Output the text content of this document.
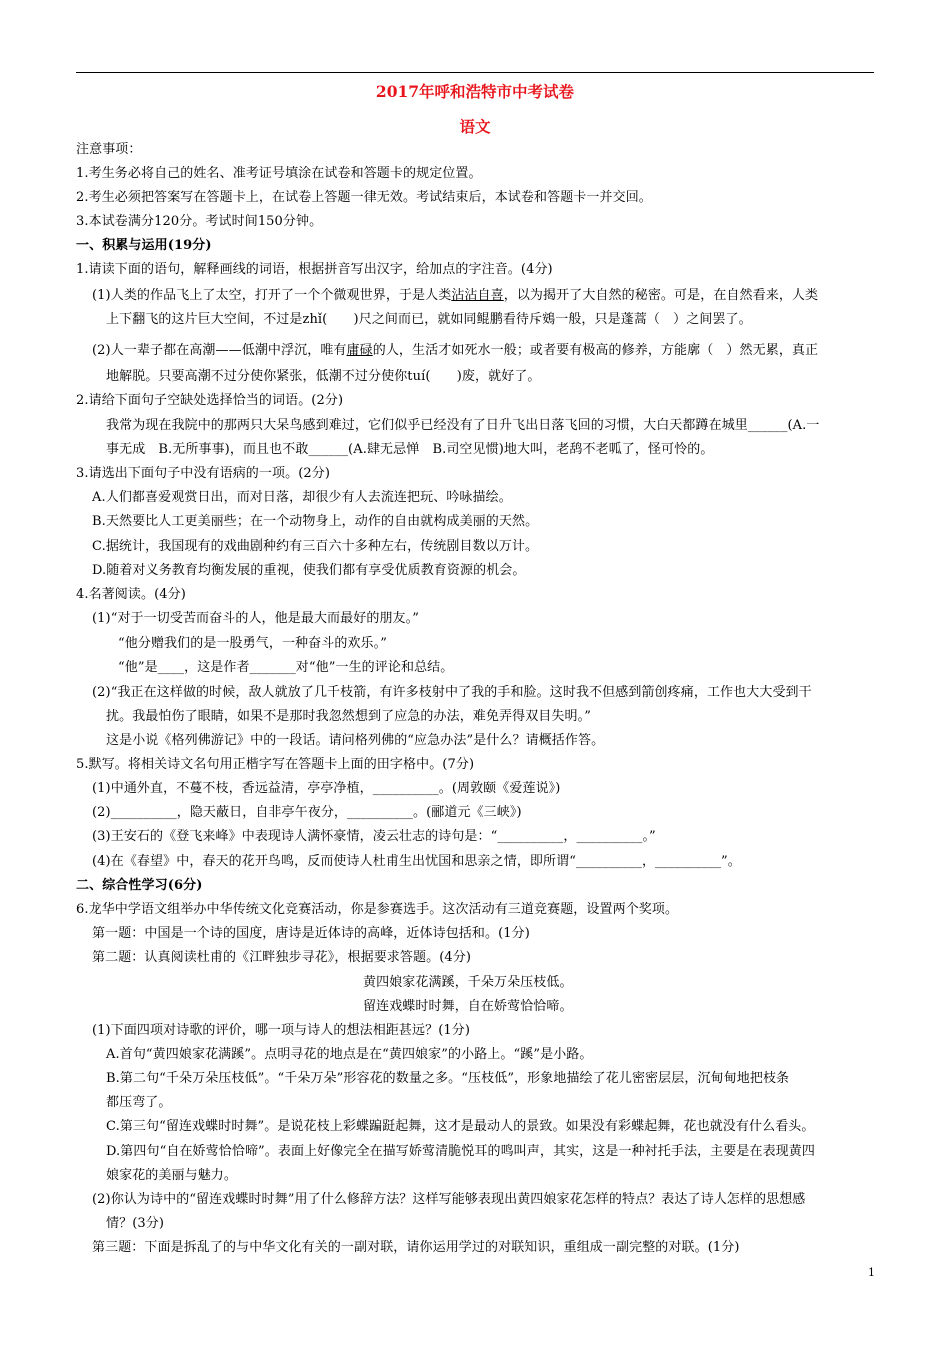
2017年呼和浩特市中考试卷
语文
注意事项：
1.考生务必将自己的姓名、准考证号填涂在试卷和答题卡的规定位置。
2.考生必须把答案写在答题卡上，在试卷上答题一律无效。考试结束后，本试卷和答题卡一并交回。
3.本试卷满分120分。考试时间150分钟。
一、积累与运用(19分)
1.请读下面的语句，解释画线的词语，根据拼音写出汉字，给加点的字注音。(4分)
(1)人类的作品飞上了太空，打开了一个个微观世界，于是人类沾沾自喜，以为揭开了大自然的秘密。可是，在自然看来，人类
上下翻飞的这片巨大空间，不过是zhǐ(　　)尺之间而已，就如同鲲鹏看待斥鴳一般，只是蓬蒿（　）之间罢了。
(2)人一辈子都在高潮——低潮中浮沉，唯有庸碌的人，生活才如死水一般；或者要有极高的修养，方能廓（　）然无累，真正
地解脱。只要高潮不过分使你紧张，低潮不过分使你tuí(　　)废，就好了。
2.请给下面句子空缺处选择恰当的词语。(2分)
我常为现在我院中的那两只大呆鸟感到难过，它们似乎已经没有了日升飞出日落飞回的习惯，大白天都蹲在城里______(A.一
事无成　B.无所事事)，而且也不敢______(A.肆无忌惮　B.司空见惯)地大叫，老鸹不老呱了，怪可怜的。
3.请选出下面句子中没有语病的一项。(2分)
A.人们都喜爱观赏日出，而对日落，却很少有人去流连把玩、吟咏描绘。
B.天然要比人工更美丽些；在一个动物身上，动作的自由就构成美丽的天然。
C.据统计，我国现有的戏曲剧种约有三百六十多种左右，传统剧目数以万计。
D.随着对义务教育均衡发展的重视，使我们都有享受优质教育资源的机会。
4.名著阅读。(4分)
(1)“对于一切受苦而奋斗的人，他是最大而最好的朋友。”
“他分赠我们的是一股勇气，一种奋斗的欢乐。”
“他”是____，这是作者_______对“他”一生的评论和总结。
(2)“我正在这样做的时候，敌人就放了几千枝箭，有许多枝射中了我的手和脸。这时我不但感到箭创疼痛，工作也大大受到干
扰。我最怕伤了眼睛，如果不是那时我忽然想到了应急的办法，难免弄得双目失明。”
这是小说《格列佛游记》中的一段话。请问格列佛的“应急办法”是什么？请概括作答。
5.默写。将相关诗文名句用正楷字写在答题卡上面的田字格中。(7分)
(1)中通外直，不蔓不枝，香远益清，亭亭净植，__________。(周敦颐《爱莲说》)
(2)__________，隐天蔽日，自非亭午夜分，__________。(郦道元《三峡》)
(3)王安石的《登飞来峰》中表现诗人满怀豪情，凌云壮志的诗句是：“__________，__________。”
(4)在《春望》中，春天的花开鸟鸣，反而使诗人杜甫生出忧国和思亲之情，即所谓“__________，__________”。
二、综合性学习(6分)
6.龙华中学语文组举办中华传统文化竞赛活动，你是参赛选手。这次活动有三道竞赛题，设置两个奖项。
第一题：中国是一个诗的国度，唐诗是近体诗的高峰，近体诗包括和。(1分)
第二题：认真阅读杜甫的《江畔独步寻花》，根据要求答题。(4分)
黄四娘家花满蹊，千朵万朵压枝低。
留连戏蝶时时舞，自在娇莺恰恰啼。
(1)下面四项对诗歌的评价，哪一项与诗人的想法相距甚远？(1分)
A.首句“黄四娘家花满蹊”。点明寻花的地点是在“黄四娘家”的小路上。“蹊”是小路。
B.第二句“千朵万朵压枝低”。“千朵万朵”形容花的数量之多。“压枝低”，形象地描绘了花儿密密层层，沉甸甸地把枝条
都压弯了。
C.第三句“留连戏蝶时时舞”。是说花枝上彩蝶蹁跹起舞，这才是最动人的景致。如果没有彩蝶起舞，花也就没有什么看头。
D.第四句“自在娇莺恰恰啼”。表面上好像完全在描写娇莺清脆悦耳的鸣叫声，其实，这是一种衬托手法，主要是在表现黄四
娘家花的美丽与魅力。
(2)你认为诗中的“留连戏蝶时时舞”用了什么修辞方法？这样写能够表现出黄四娘家花怎样的特点？表达了诗人怎样的思想感
情？(3分)
第三题：下面是拆乱了的与中华文化有关的一副对联，请你运用学过的对联知识，重组成一副完整的对联。(1分)
1
